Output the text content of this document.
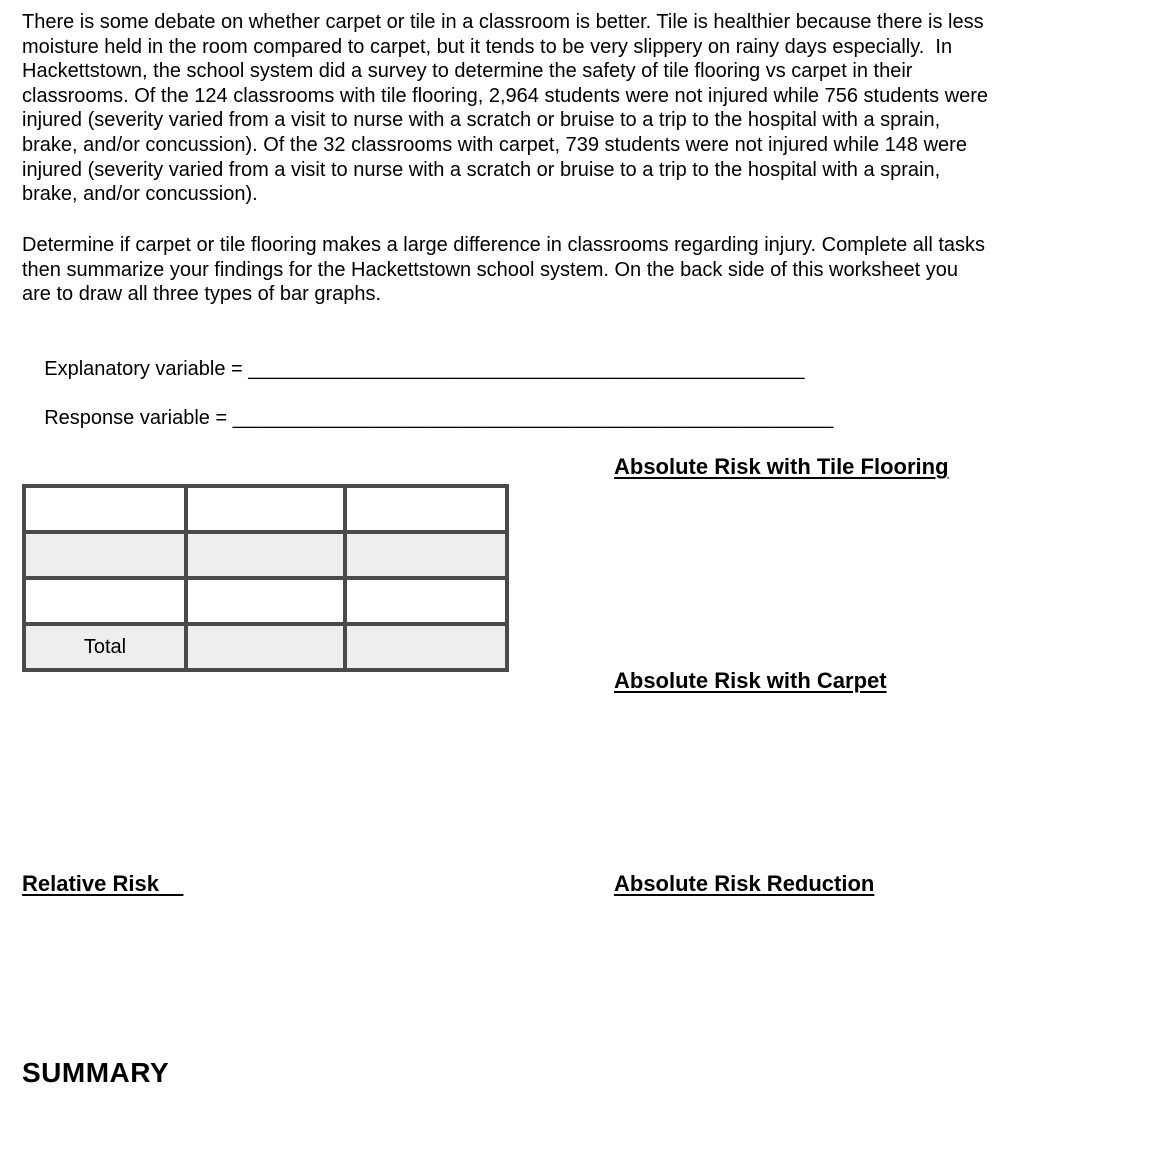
There is some debate on whether carpet or tile in a classroom is better. Tile is healthier because there is less
moisture held in the room compared to carpet, but it tends to be very slippery on rainy days especially.  In
Hackettstown, the school system did a survey to determine the safety of tile flooring vs carpet in their
classrooms. Of the 124 classrooms with tile flooring, 2,964 students were not injured while 756 students were
injured (severity varied from a visit to nurse with a scratch or bruise to a trip to the hospital with a sprain,
brake, and/or concussion). Of the 32 classrooms with carpet, 739 students were not injured while 148 were
injured (severity varied from a visit to nurse with a scratch or bruise to a trip to the hospital with a sprain,
brake, and/or concussion).
Determine if carpet or tile flooring makes a large difference in classrooms regarding injury. Complete all tasks
then summarize your findings for the Hackettstown school system. On the back side of this worksheet you
are to draw all three types of bar graphs.

Explanatory variable = __________________________________________________

Response variable = ______________________________________________________

Total		
Absolute Risk with Tile Flooring
Absolute Risk with Carpet
Relative Risk	Absolute Risk Reduction
SUMMARY
